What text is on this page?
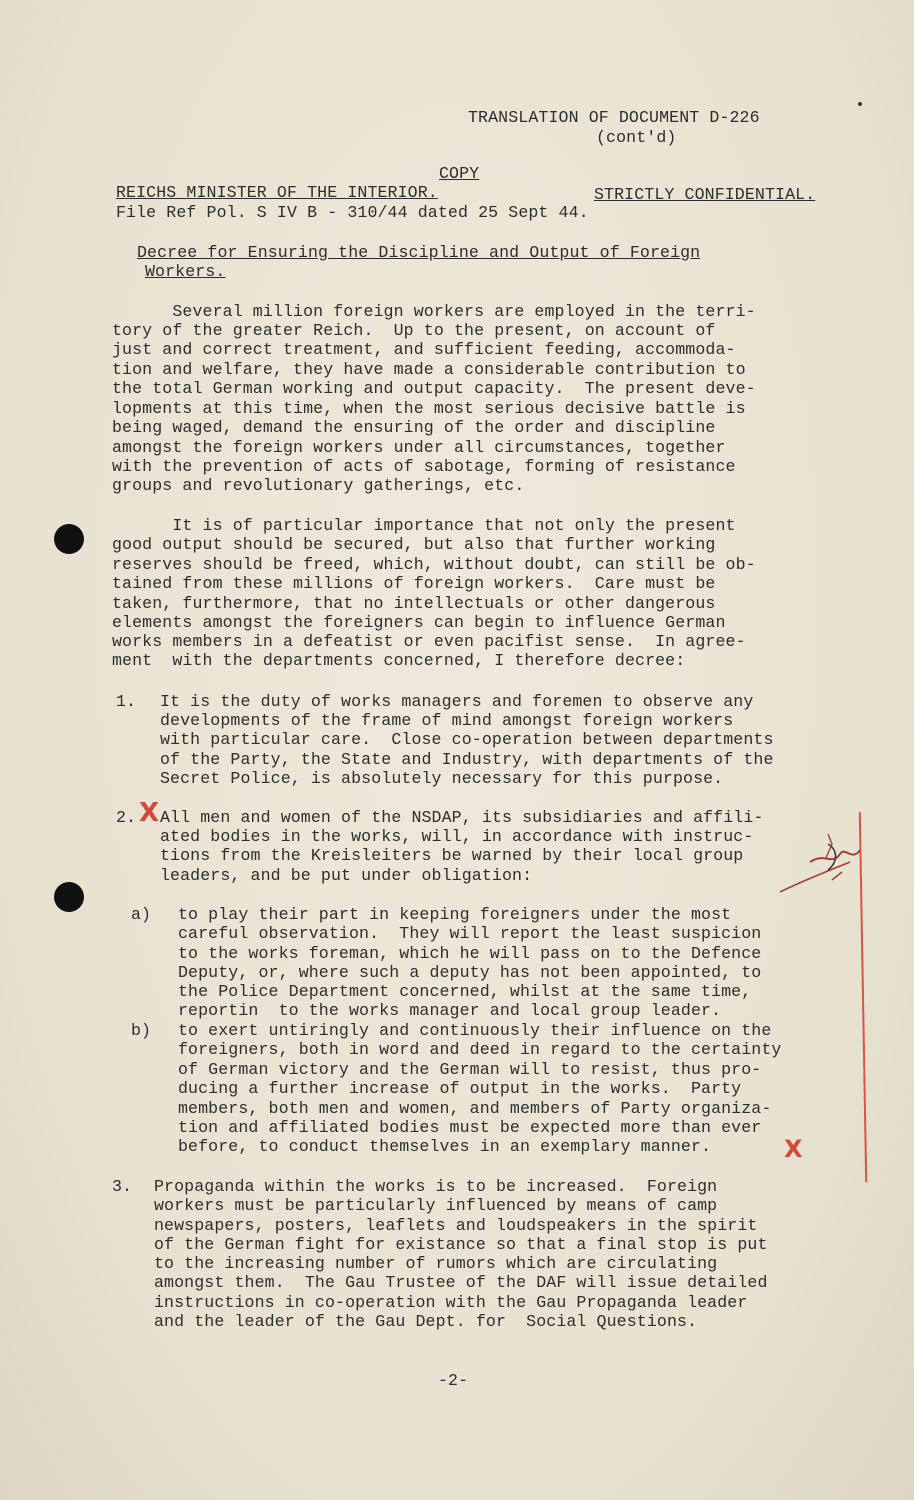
TRANSLATION OF DOCUMENT D-226
(cont'd)
COPY
REICHS MINISTER OF THE INTERIOR.	STRICTLY CONFIDENTIAL.
File Ref Pol. S IV B - 310/44 dated 25 Sept 44.
Decree for Ensuring the Discipline and Output of Foreign
Workers.
Several million foreign workers are employed in the terri-
tory of the greater Reich.  Up to the present, on account of
just and correct treatment, and sufficient feeding, accommoda-
tion and welfare, they have made a considerable contribution to
the total German working and output capacity.  The present deve-
lopments at this time, when the most serious decisive battle is
being waged, demand the ensuring of the order and discipline
amongst the foreign workers under all circumstances, together
with the prevention of acts of sabotage, forming of resistance
groups and revolutionary gatherings, etc.
It is of particular importance that not only the present
good output should be secured, but also that further working
reserves should be freed, which, without doubt, can still be ob-
tained from these millions of foreign workers.  Care must be
taken, furthermore, that no intellectuals or other dangerous
elements amongst the foreigners can begin to influence German
works members in a defeatist or even pacifist sense.  In agree-
ment  with the departments concerned, I therefore decree:
1. It is the duty of works managers and foremen to observe any
developments of the frame of mind amongst foreign workers
with particular care.  Close co-operation between departments
of the Party, the State and Industry, with departments of the
Secret Police, is absolutely necessary for this purpose.
2. All men and women of the NSDAP, its subsidiaries and affili-
ated bodies in the works, will, in accordance with instruc-
tions from the Kreisleiters be warned by their local group
leaders, and be put under obligation:
a) to play their part in keeping foreigners under the most
careful observation.  They will report the least suspicion
to the works foreman, which he will pass on to the Defence
Deputy, or, where such a deputy has not been appointed, to
the Police Department concerned, whilst at the same time,
reportin  to the works manager and local group leader.
b) to exert untiringly and continuously their influence on the
foreigners, both in word and deed in regard to the certainty
of German victory and the German will to resist, thus pro-
ducing a further increase of output in the works.  Party
members, both men and women, and members of Party organiza-
tion and affiliated bodies must be expected more than ever
before, to conduct themselves in an exemplary manner.
3. Propaganda within the works is to be increased.  Foreign
workers must be particularly influenced by means of camp
newspapers, posters, leaflets and loudspeakers in the spirit
of the German fight for existance so that a final stop is put
to the increasing number of rumors which are circulating
amongst them.  The Gau Trustee of the DAF will issue detailed
instructions in co-operation with the Gau Propaganda leader
and the leader of the Gau Dept. for  Social Questions.
-2-
X
X
